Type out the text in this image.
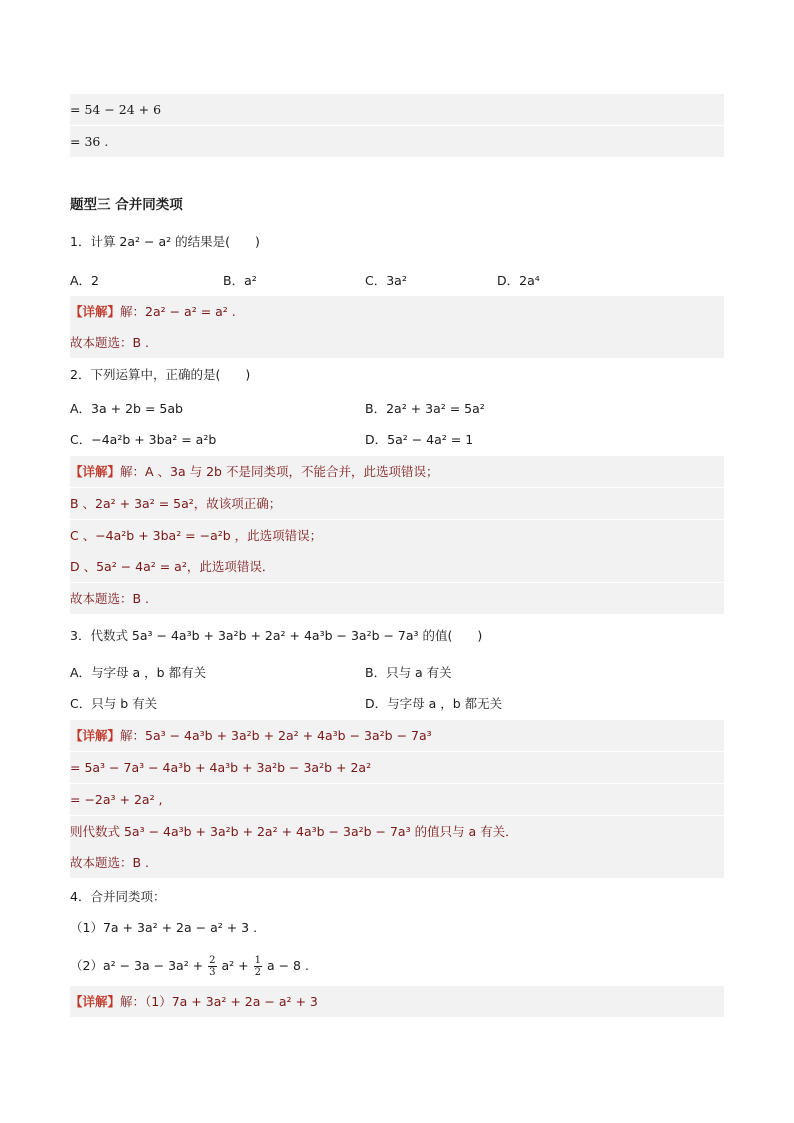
= 54 − 24 + 6
= 36 .
题型三 合并同类项
1．计算 2a² − a² 的结果是(　　)
A．2	B．a²	C．3a²	D．2a⁴
【详解】解：2a² − a² = a² .
故本题选：B .
2．下列运算中，正确的是(　　)
A．3a + 2b = 5ab	B．2a² + 3a² = 5a²
C．−4a²b + 3ba² = a²b	D．5a² − 4a² = 1
【详解】解：A 、3a 与 2b 不是同类项，不能合并，此选项错误；
B 、2a² + 3a² = 5a²，故该项正确；
C 、−4a²b + 3ba² = −a²b ，此选项错误；
D 、5a² − 4a² = a²，此选项错误．
故本题选：B .
3．代数式 5a³ − 4a³b + 3a²b + 2a² + 4a³b − 3a²b − 7a³ 的值(　　)
A．与字母 a ，b 都有关	B．只与 a 有关
C．只与 b 有关	D．与字母 a ，b 都无关
【详解】解：5a³ − 4a³b + 3a²b + 2a² + 4a³b − 3a²b − 7a³
= 5a³ − 7a³ − 4a³b + 4a³b + 3a²b − 3a²b + 2a²
= −2a³ + 2a² ,
则代数式 5a³ − 4a³b + 3a²b + 2a² + 4a³b − 3a²b − 7a³ 的值只与 a 有关．
故本题选：B .
4．合并同类项：
（1）7a + 3a² + 2a − a² + 3 .
$(2)a^2 - 3a - 3a^2 + \frac{2}{3} a^2 + \frac{1}{2}$ a − 8 .
【详解】解：（1）7a + 3a² + 2a − a² + 3
